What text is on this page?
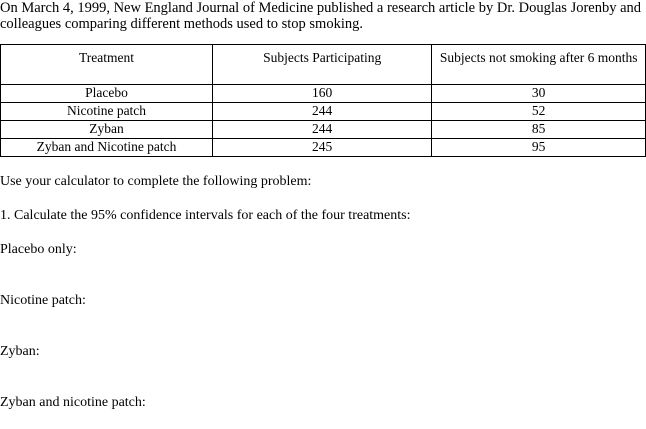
On March 4, 1999, New England Journal of Medicine published a research article by Dr. Douglas Jorenby and

colleagues comparing different methods used to stop smoking.

Treatment	Subjects Participating	Subjects not smoking after 6 months
Placebo	160	30
Nicotine patch	244	52
Zyban	244	85
Zyban and Nicotine patch	245	95

Use your calculator to complete the following problem:

1. Calculate the 95% confidence intervals for each of the four treatments:

Placebo only:

Nicotine patch:

Zyban:

Zyban and nicotine patch:
